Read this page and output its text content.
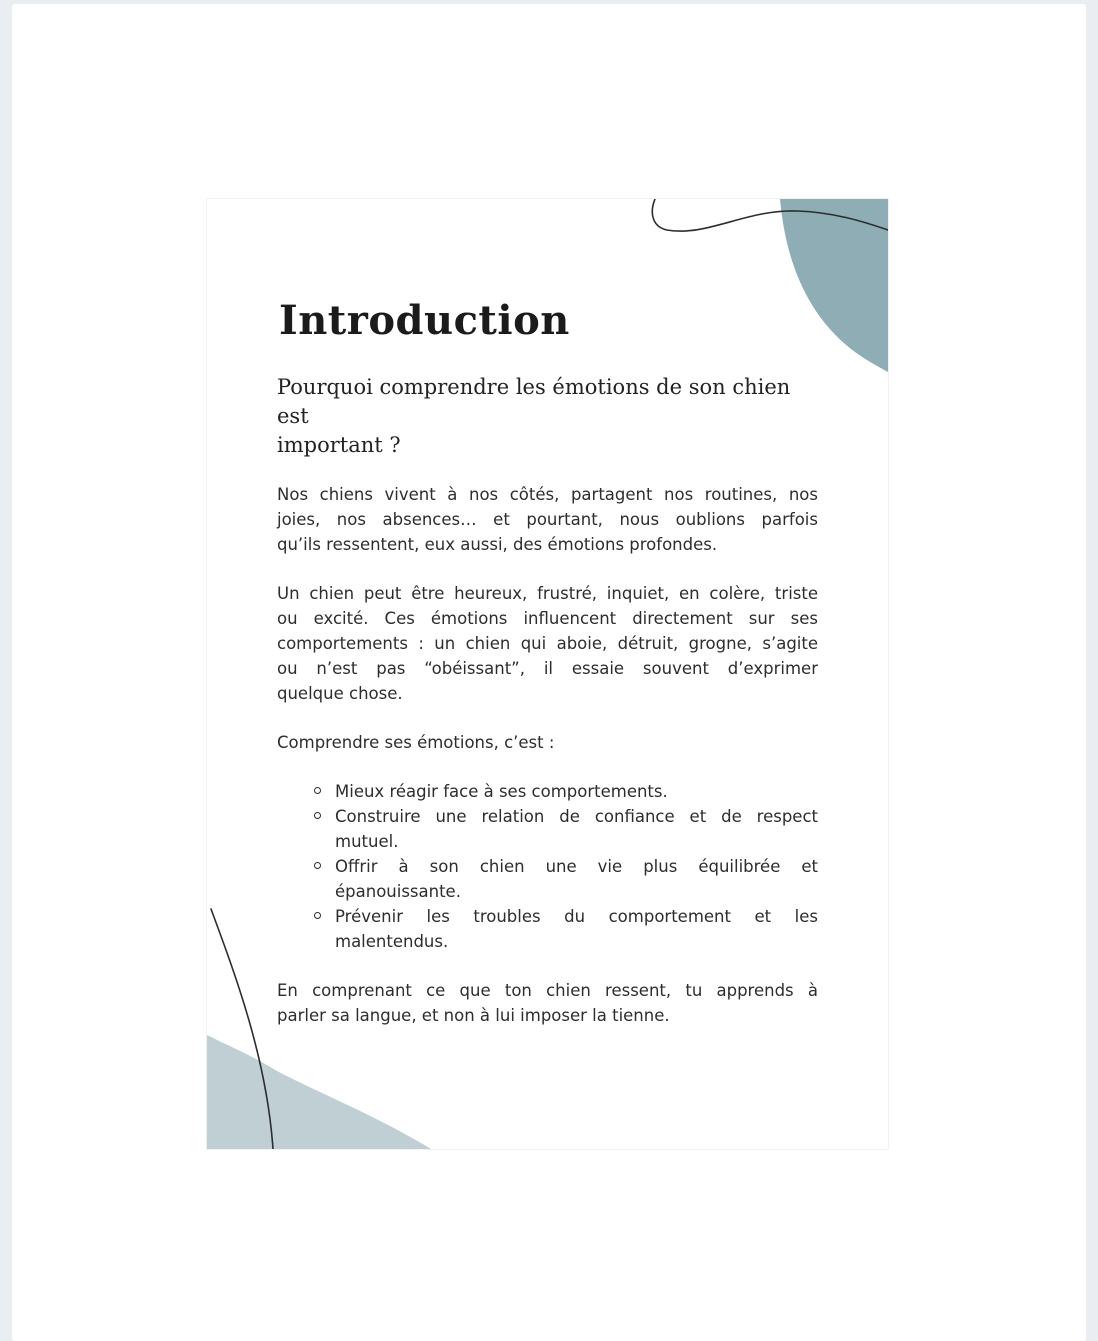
Introduction
Pourquoi comprendre les émotions de son chien est
important ?
Nos chiens vivent à nos côtés, partagent nos routines, nos
joies, nos absences… et pourtant, nous oublions parfois
qu’ils ressentent, eux aussi, des émotions profondes.
Un chien peut être heureux, frustré, inquiet, en colère, triste
ou excité. Ces émotions influencent directement sur ses
comportements : un chien qui aboie, détruit, grogne, s’agite
ou n’est pas “obéissant”, il essaie souvent d’exprimer
quelque chose.
Comprendre ses émotions, c’est :
Mieux réagir face à ses comportements.
Construire une relation de confiance et de respect
mutuel.
Offrir à son chien une vie plus équilibrée et
épanouissante.
Prévenir les troubles du comportement et les
malentendus.
En comprenant ce que ton chien ressent, tu apprends à
parler sa langue, et non à lui imposer la tienne.
